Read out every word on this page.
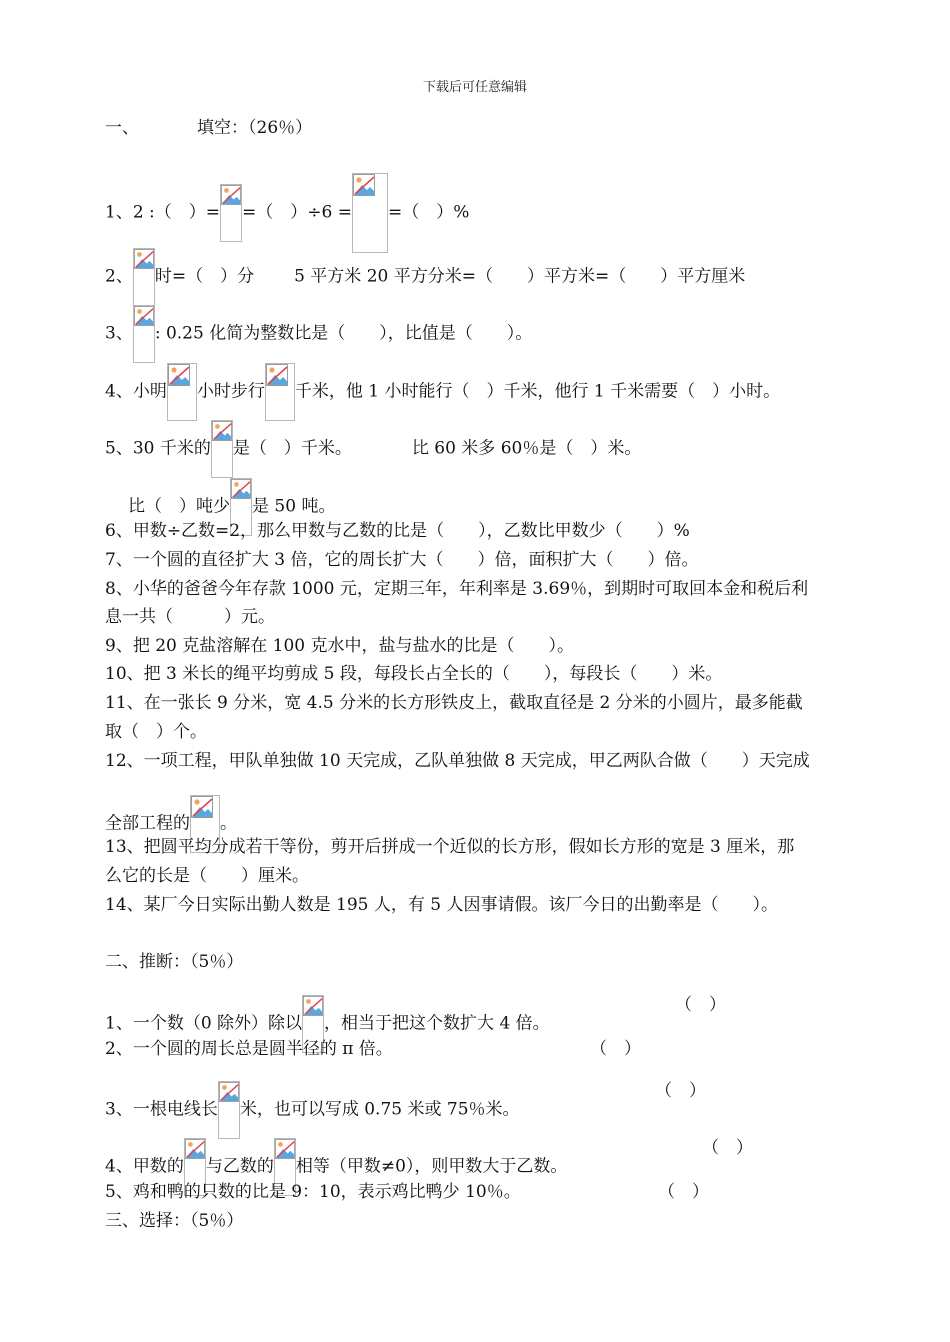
下载后可任意编辑
一、	填空：（26％）
1、2 :（　）= =（　）÷6 = =（　）%
2、 时=（　）分 5 平方米 20 平方分米=（　　）平方米=（　　）平方厘米
3、 : 0.25 化简为整数比是（　　），比值是（　　）。
4、小明 小时步行 千米，他 1 小时能行（　）千米，他行 1 千米需要（　）小时。
5、30 千米的 是（　）千米。	比 60 米多 60％是（　）米。
比（　）吨少 是 50 吨。
6、甲数÷乙数=2，那么甲数与乙数的比是（　　），乙数比甲数少（　　）%
7、一个圆的直径扩大 3 倍，它的周长扩大（　　）倍，面积扩大（　　）倍。
8、小华的爸爸今年存款 1000 元，定期三年，年利率是 3.69％，到期时可取回本金和税后利
息一共（　　　）元。
9、把 20 克盐溶解在 100 克水中，盐与盐水的比是（　　）。
10、把 3 米长的绳平均剪成 5 段，每段长占全长的（　　），每段长（　　）米。
11、在一张长 9 分米，宽 4.5 分米的长方形铁皮上，截取直径是 2 分米的小圆片，最多能截
取（　）个。
12、一项工程，甲队单独做 10 天完成，乙队单独做 8 天完成，甲乙两队合做（　　）天完成
全部工程的 。
13、把圆平均分成若干等份，剪开后拼成一个近似的长方形，假如长方形的宽是 3 厘米，那
么它的长是（　　）厘米。
14、某厂今日实际出勤人数是 195 人，有 5 人因事请假。该厂今日的出勤率是（　　）。
二、推断：（5％）
1、一个数（0 除外）除以 ，相当于把这个数扩大 4 倍。
（　）
2、一个圆的周长总是圆半径的 π 倍。	（　）
3、一根电线长 米，也可以写成 0.75 米或 75％米。
（　）
4、甲数的 与乙数的 相等（甲数≠0），则甲数大于乙数。
（　）
5、鸡和鸭的只数的比是 9：10，表示鸡比鸭少 10％。	（　）
三、选择：（5％）
